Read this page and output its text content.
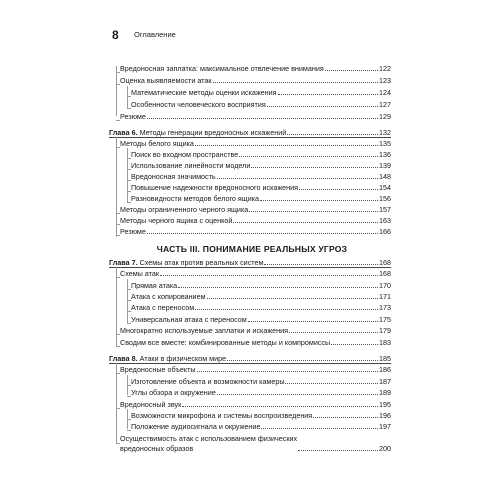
8 Оглавление
ЧАСТЬ III. ПОНИМАНИЕ РЕАЛЬНЫХ УГРОЗ
Вредоносная заплатка: максимальное отвлечение внимания	122
Оценка выявляемости атак	123
Математические методы оценки искажения	124
Особенности человеческого восприятия	127
Резюме	129
Глава 6. Методы генерации вредоносных искажений	132
Методы белого ящика	135
Поиск во входном пространстве	136
Использование линейности модели	139
Вредоносная значимость	148
Повышение надежности вредоносного искажения	154
Разновидности методов белого ящика	156
Методы ограниченного черного ящика	157
Методы черного ящика с оценкой	163
Резюме	166
Глава 7. Схемы атак против реальных систем	168
Схемы атак	168
Прямая атака	170
Атака с копированием	171
Атака с переносом	173
Универсальная атака с переносом	175
Многократно используемые заплатки и искажения	179
Сводим все вместе: комбинированные методы и компромиссы	183
Глава 8. Атаки в физическом мире	185
Вредоносные объекты	186
Изготовление объекта и возможности камеры	187
Углы обзора и окружение	189
Вредоносный звук	195
Возможности микрофона и системы воспроизведения	196
Положение аудиосигнала и окружение	197
Осуществимость атак с использованием физических
вредоносных образов	200
